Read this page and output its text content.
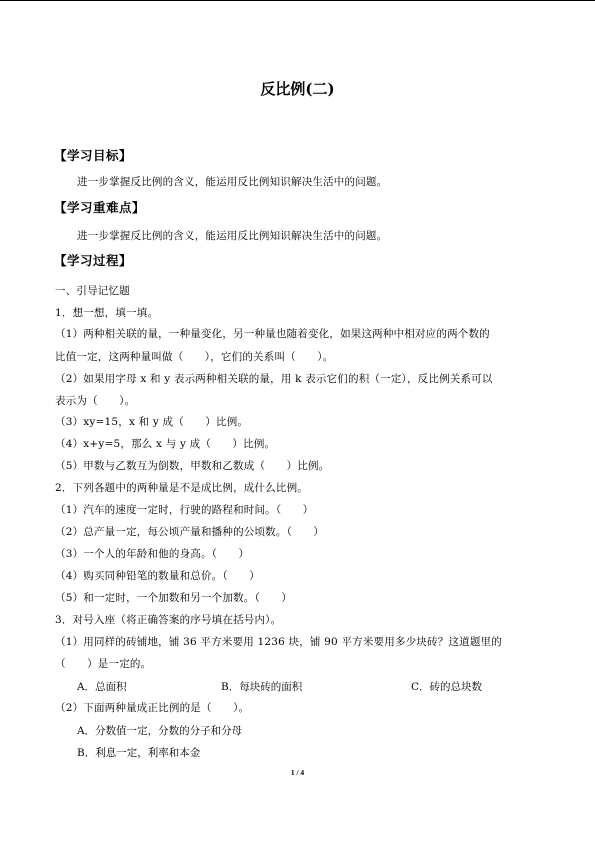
反比例(二)
【学习目标】
进一步掌握反比例的含义，能运用反比例知识解决生活中的问题。
【学习重难点】
进一步掌握反比例的含义，能运用反比例知识解决生活中的问题。
【学习过程】
一、引导记忆题
1．想一想，填一填。
（1）两种相关联的量，一种量变化，另一种量也随着变化，如果这两种中相对应的两个数的
比值一定，这两种量叫做（　　），它们的关系叫（　　）。
（2）如果用字母 x 和 y 表示两种相关联的量，用 k 表示它们的积（一定），反比例关系可以
表示为（　　）。
（3）xy=15，x 和 y 成（　　）比例。
（4）x+y=5，那么 x 与 y 成（　　）比例。
（5）甲数与乙数互为倒数，甲数和乙数成（　　）比例。
2．下列各题中的两种量是不是成比例，成什么比例。
（1）汽车的速度一定时，行驶的路程和时间。（　　）
（2）总产量一定，每公顷产量和播种的公顷数。（　　）
（3）一个人的年龄和他的身高。（　　）
（4）购买同种铅笔的数量和总价。（　　）
（5）和一定时，一个加数和另一个加数。（　　）
3．对号入座（将正确答案的序号填在括号内）。
（1）用同样的砖铺地，铺 36 平方米要用 1236 块，铺 90 平方米要用多少块砖？这道题里的
（　　）是一定的。
A．总面积	B．每块砖的面积	C．砖的总块数
（2）下面两种量成正比例的是（　　）。
A．分数值一定，分数的分子和分母
B．利息一定，利率和本金
1 / 4
